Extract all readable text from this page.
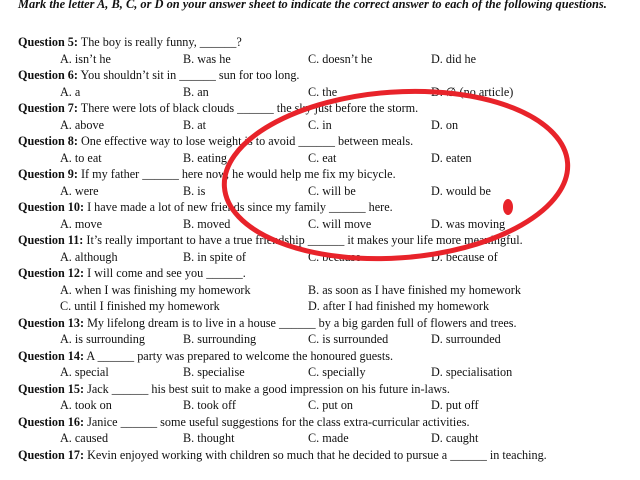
Mark the letter A, B, C, or D on your answer sheet to indicate the correct answer to each of the following questions.
Question 5: The boy is really funny, ______?
A. isn’t he	B. was he	C. doesn’t he	D. did he
Question 6: You shouldn’t sit in ______ sun for too long.
A. a	B. an	C. the	D. ∅ (no article)
Question 7: There were lots of black clouds ______ the sky just before the storm.
A. above	B. at	C. in	D. on
Question 8: One effective way to lose weight is to avoid ______ between meals.
A. to eat	B. eating	C. eat	D. eaten
Question 9: If my father ______ here now, he would help me fix my bicycle.
A. were	B. is	C. will be	D. would be
Question 10: I have made a lot of new friends since my family ______ here.
A. move	B. moved	C. will move	D. was moving
Question 11: It’s really important to have a true friendship ______ it makes your life more meaningful.
A. although	B. in spite of	C. because	D. because of
Question 12: I will come and see you ______.
A. when I was finishing my homework	B. as soon as I have finished my homework
C. until I finished my homework	D. after I had finished my homework
Question 13: My lifelong dream is to live in a house ______ by a big garden full of flowers and trees.
A. is surrounding	B. surrounding	C. is surrounded	D. surrounded
Question 14: A ______ party was prepared to welcome the honoured guests.
A. special	B. specialise	C. specially	D. specialisation
Question 15: Jack ______ his best suit to make a good impression on his future in-laws.
A. took on	B. took off	C. put on	D. put off
Question 16: Janice ______ some useful suggestions for the class extra-curricular activities.
A. caused	B. thought	C. made	D. caught
Question 17: Kevin enjoyed working with children so much that he decided to pursue a ______ in teaching.
